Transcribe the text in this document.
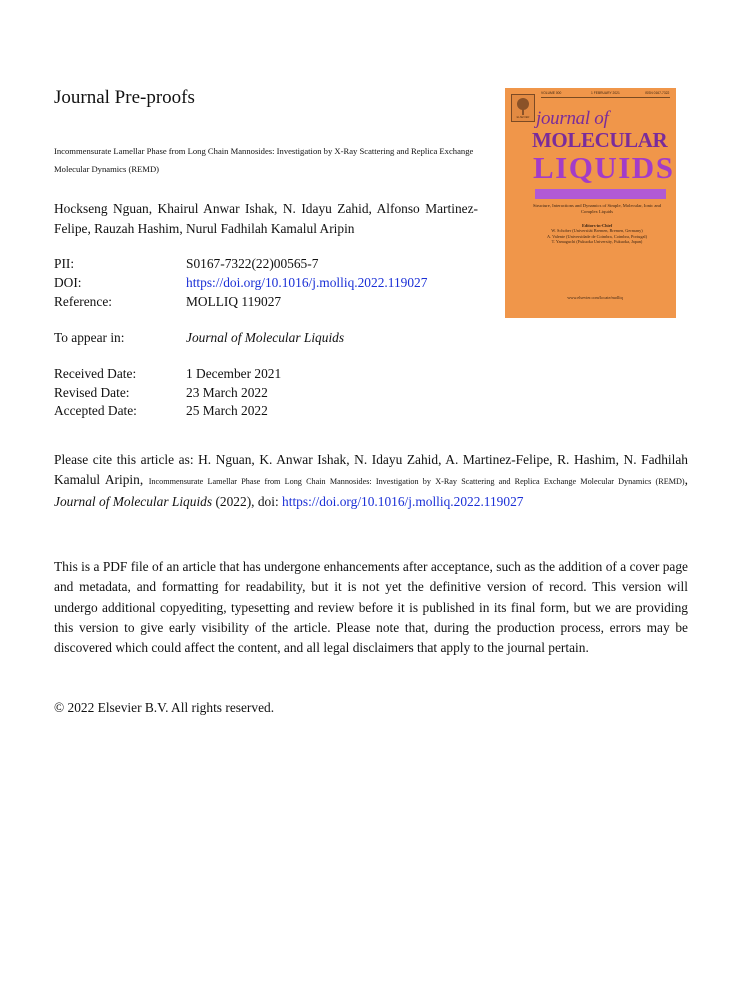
Journal Pre-proofs
Incommensurate Lamellar Phase from Long Chain Mannosides: Investigation by X-Ray Scattering and Replica Exchange
Molecular Dynamics (REMD)
Hockseng Nguan, Khairul Anwar Ishak, N. Idayu Zahid, Alfonso Martinez-Felipe, Rauzah Hashim, Nurul Fadhilah Kamalul Aripin
PII:	S0167-7322(22)00565-7
DOI:	https://doi.org/10.1016/j.molliq.2022.119027
Reference:	MOLLIQ 119027
To appear in:	Journal of Molecular Liquids
Received Date:	1 December 2021
Revised Date:	23 March 2022
Accepted Date:	25 March 2022
Please cite this article as: H. Nguan, K. Anwar Ishak, N. Idayu Zahid, A. Martinez-Felipe, R. Hashim, N. Fadhilah Kamalul Aripin, Incommensurate Lamellar Phase from Long Chain Mannosides: Investigation by X-Ray Scattering and Replica Exchange Molecular Dynamics (REMD), Journal of Molecular Liquids (2022), doi: https://doi.org/10.1016/j.molliq.2022.119027
This is a PDF file of an article that has undergone enhancements after acceptance, such as the addition of a cover page and metadata, and formatting for readability, but it is not yet the definitive version of record. This version will undergo additional copyediting, typesetting and review before it is published in its final form, but we are providing this version to give early visibility of the article. Please note that, during the production process, errors may be discovered which could affect the content, and all legal disclaimers that apply to the journal pertain.
© 2022 Elsevier B.V. All rights reserved.
VOLUME 000	1 FEBRUARY 2021	ISSN 0167-7322
ELSEVIER journal of
MOLECULAR
LIQUIDS
Structure, Interactions and Dynamics of Simple, Molecular, Ionic and Complex Liquids
Editors-in-Chief
W. Schober (Universität Bremen, Bremen, Germany)
A. Valente (Universidade de Coimbra, Coimbra, Portugal)
T. Yamaguchi (Fukuoka University, Fukuoka, Japan)
www.elsevier.com/locate/molliq
